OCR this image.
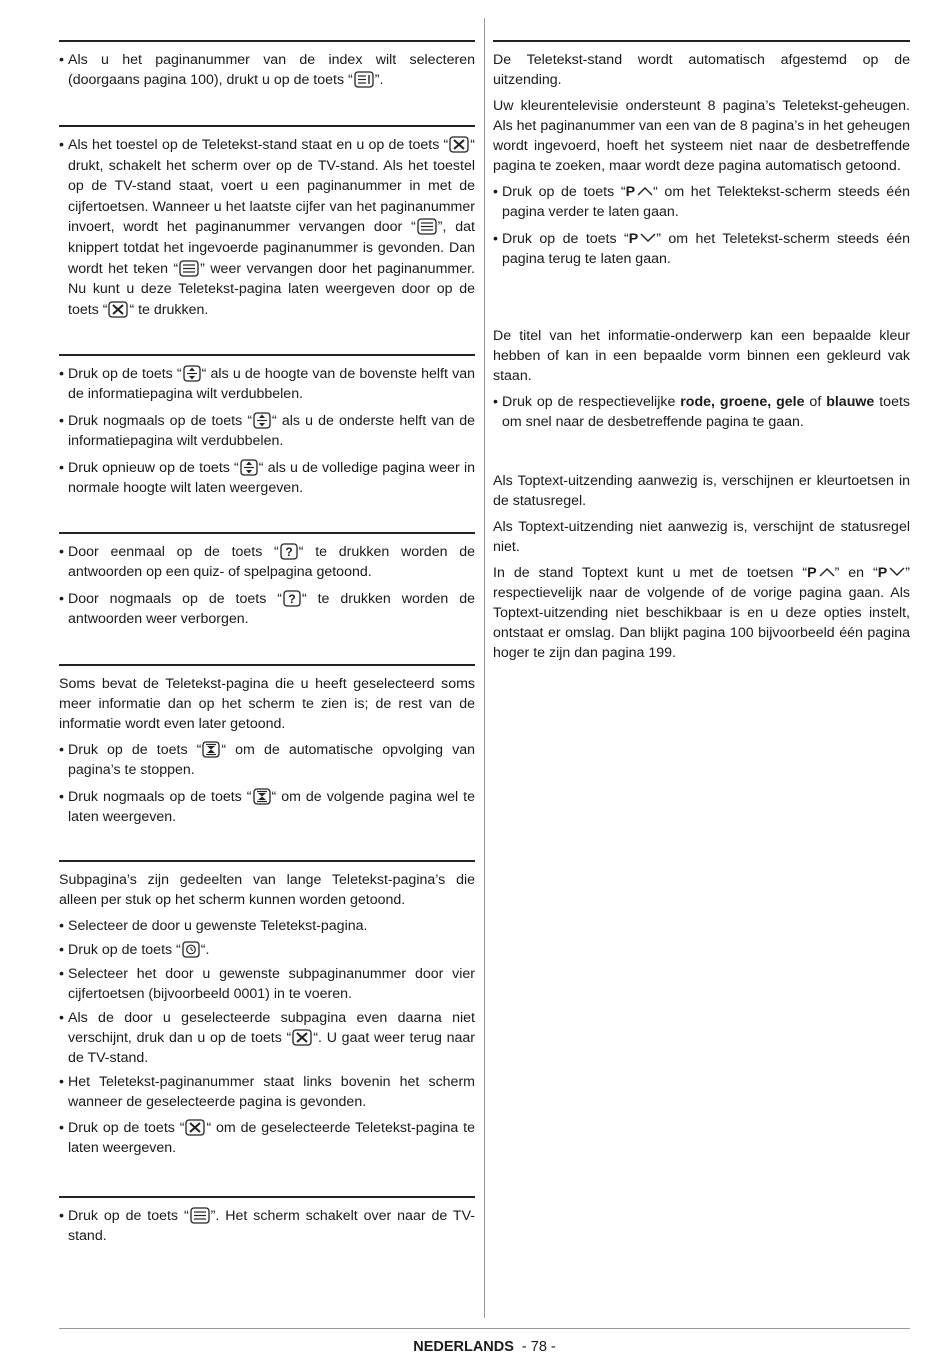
• Als u het paginanummer van de index wilt selecteren (doorgaans pagina 100), drukt u op de toets “ ”.
• Als het toestel op de Teletekst-stand staat en u op de toets “ “ drukt, schakelt het scherm over op de TV-stand. Als het toestel op de TV-stand staat, voert u een paginanummer in met de cijfertoetsen. Wanneer u het laatste cijfer van het paginanummer invoert, wordt het paginanummer vervangen door “ ”, dat knippert totdat het ingevoerde paginanummer is gevonden. Dan wordt het teken “ ” weer vervangen door het paginanummer. Nu kunt u deze Teletekst-pagina laten weergeven door op de toets “ “ te drukken.
• Druk op de toets “ “ als u de hoogte van de bovenste helft van de informatiepagina wilt verdubbelen.
• Druk nogmaals op de toets “ “ als u de onderste helft van de informatiepagina wilt verdubbelen.
• Druk opnieuw op de toets “ “ als u de volledige pagina weer in normale hoogte wilt laten weergeven.
• Door eenmaal op de toets “ ? “ te drukken worden de antwoorden op een quiz- of spelpagina getoond.
• Door nogmaals op de toets “ ? “ te drukken worden de antwoorden weer verborgen.

Soms bevat de Teletekst-pagina die u heeft geselecteerd soms meer informatie dan op het scherm te zien is; de rest van de informatie wordt even later getoond.

• Druk op de toets “ “ om de automatische opvolging van pagina’s te stoppen.
• Druk nogmaals op de toets “ “ om de volgende pagina wel te laten weergeven.

Subpagina’s zijn gedeelten van lange Teletekst-pagina’s die alleen per stuk op het scherm kunnen worden getoond.

• Selecteer de door u gewenste Teletekst-pagina.
• Druk op de toets “ “.
• Selecteer het door u gewenste subpaginanummer door vier cijfertoetsen (bijvoorbeeld 0001) in te voeren.
• Als de door u geselecteerde subpagina even daarna niet verschijnt, druk dan u op de toets “ “. U gaat weer terug naar de TV-stand.
• Het Teletekst-paginanummer staat links bovenin het scherm wanneer de geselecteerde pagina is gevonden.
• Druk op de toets “ “ om de geselecteerde Teletekst-pagina te laten weergeven.
• Druk op de toets “ ”. Het scherm schakelt over naar de TV-stand.

De Teletekst-stand wordt automatisch afgestemd op de uitzending.

Uw kleurentelevisie ondersteunt 8 pagina’s Teletekst-geheugen. Als het paginanummer van een van de 8 pagina’s in het geheugen wordt ingevoerd, hoeft het systeem niet naar de desbetreffende pagina te zoeken, maar wordt deze pagina automatisch getoond.

• Druk op de toets “P “ om het Telektekst-scherm steeds één pagina verder te laten gaan.
• Druk op de toets “P ” om het Teletekst-scherm steeds één pagina terug te laten gaan.

De titel van het informatie-onderwerp kan een bepaalde kleur hebben of kan in een bepaalde vorm binnen een gekleurd vak staan.

• Druk op de respectievelijke rode, groene, gele of blauwe toets om snel naar de desbetreffende pagina te gaan.

Als Toptext-uitzending aanwezig is, verschijnen er kleurtoetsen in de statusregel.

Als Toptext-uitzending niet aanwezig is, verschijnt de statusregel niet.

In de stand Toptext kunt u met de toetsen “P ” en “P ” respectievelijk naar de volgende of de vorige pagina gaan. Als Toptext-uitzending niet beschikbaar is en u deze opties instelt, ontstaat er omslag. Dan blijkt pagina 100 bijvoorbeeld één pagina hoger te zijn dan pagina 199.

NEDERLANDS - 78 -
